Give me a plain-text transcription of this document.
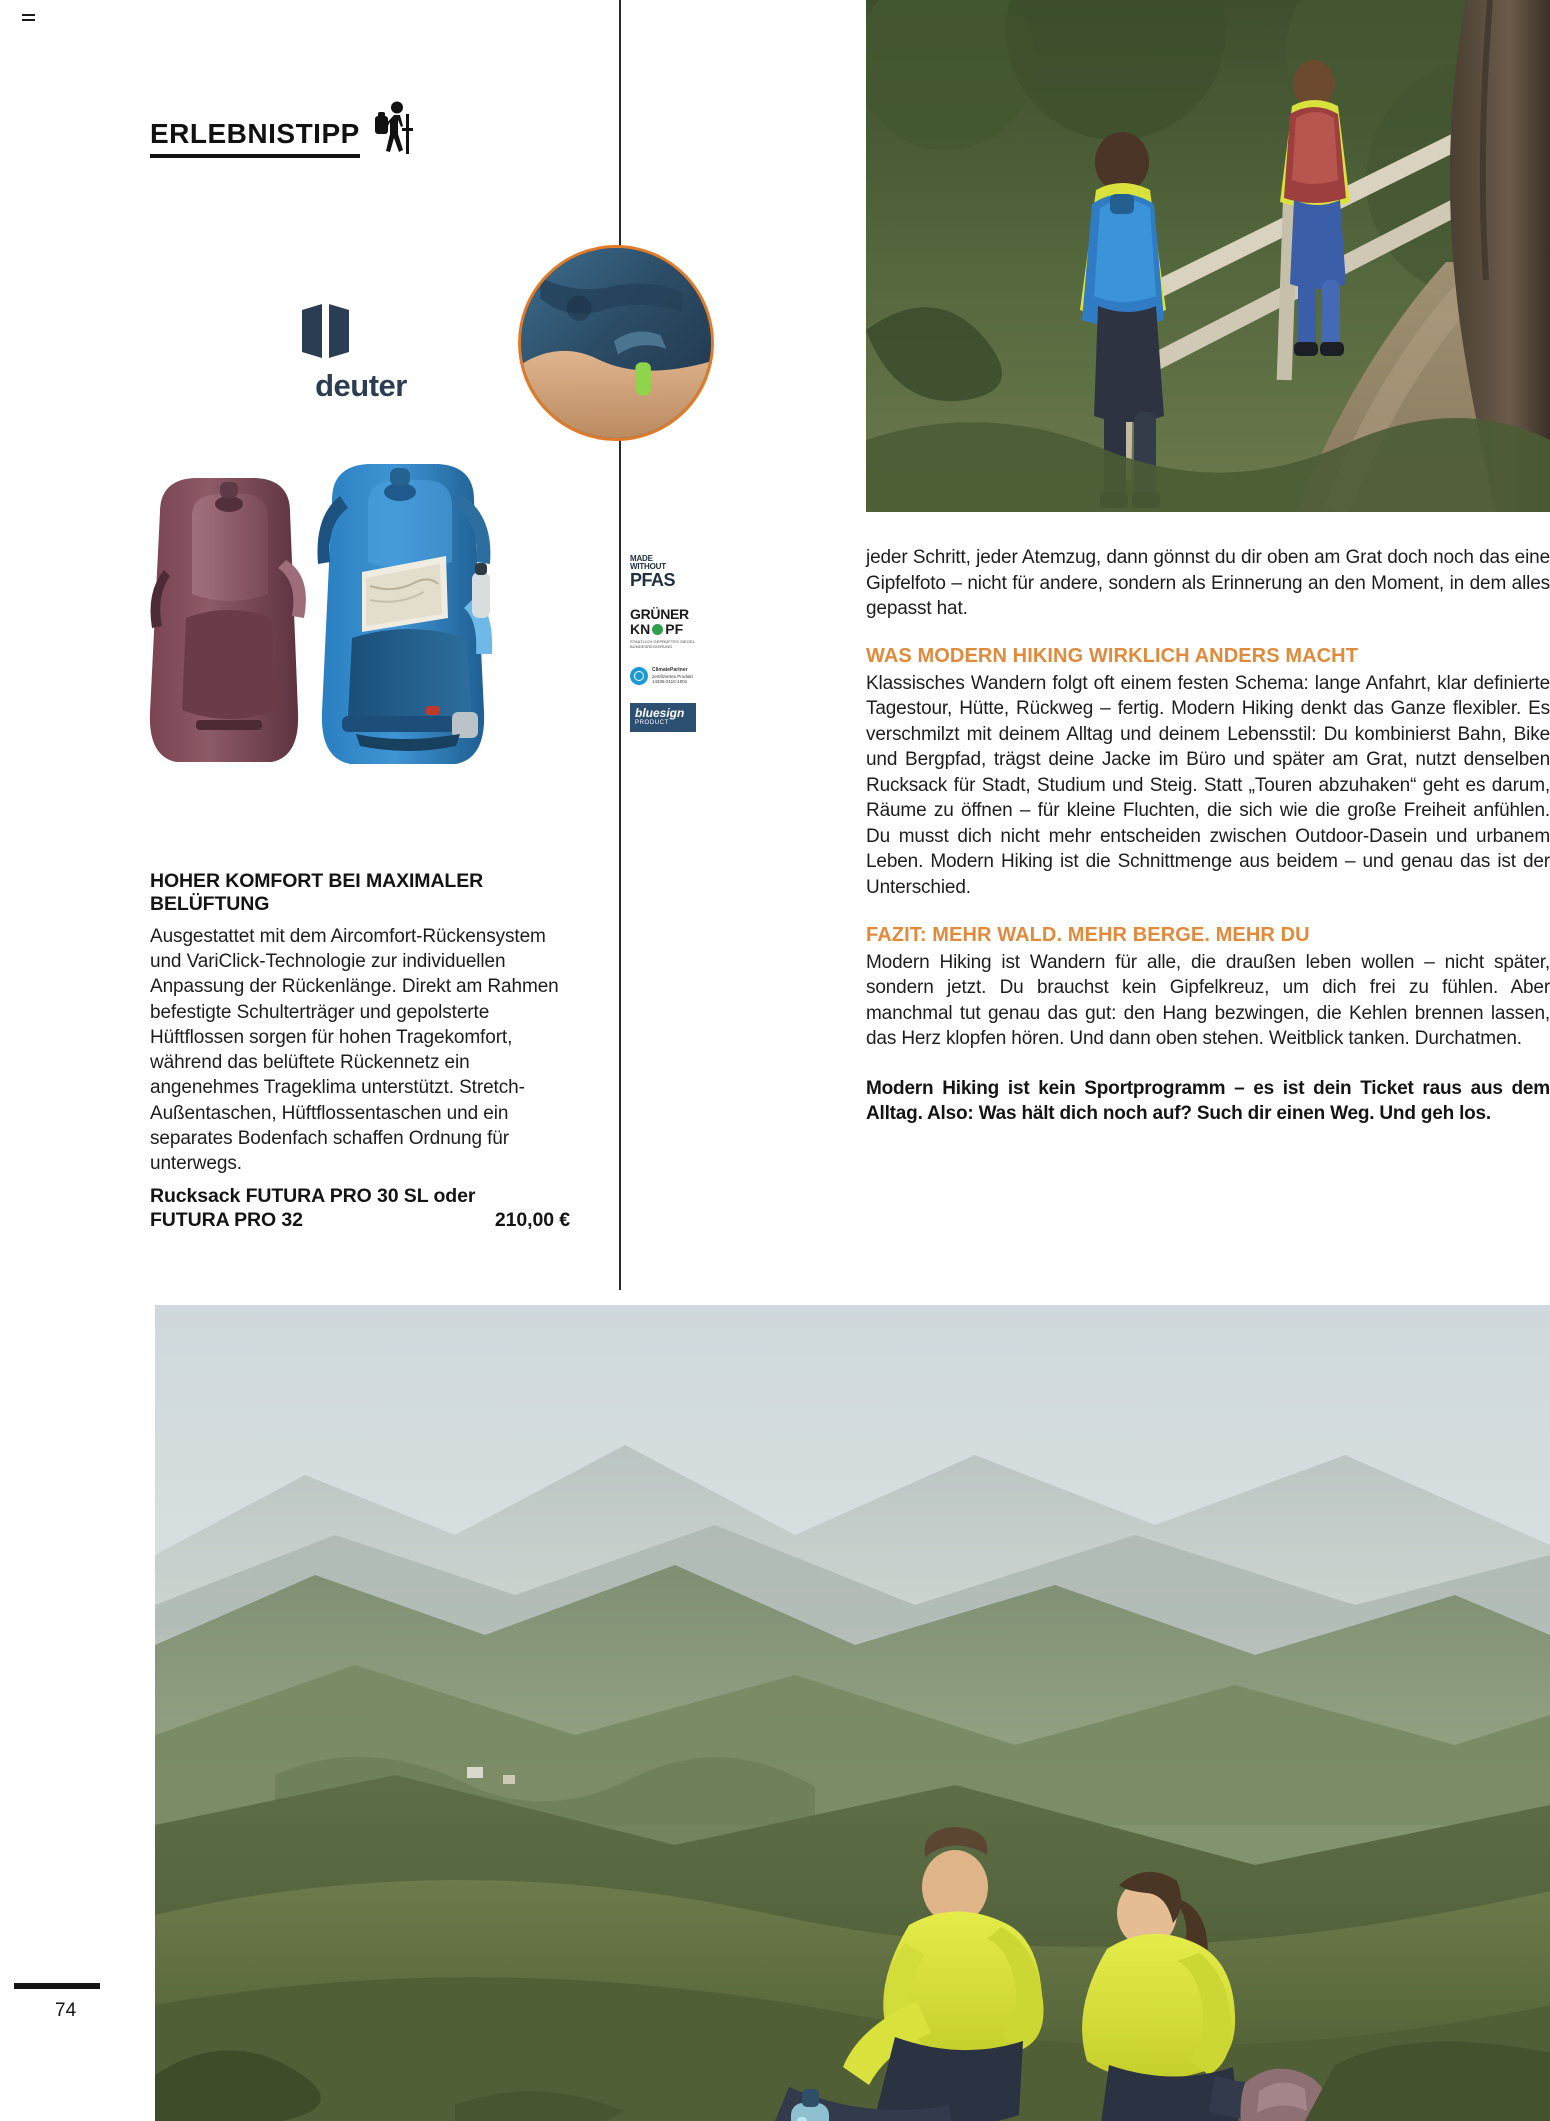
ERLEBNISTIPP
deuter
MADE
WITHOUT
PFAS
GRÜNER
KN PF
STAATLICH GEPRÜFTES SIEGEL
BUNDESREGIERUNG
ClimatePartner
zertifiziertes Produkt
14336-2110-1001
bluesign
PRODUCT
HOHER KOMFORT BEI MAXIMALER BELÜFTUNG
Ausgestattet mit dem Aircomfort-Rückensystem und VariClick-Technologie zur individuellen Anpassung der Rückenlänge. Direkt am Rahmen befestigte Schulterträger und gepolsterte Hüftflossen sorgen für hohen Tragekomfort, während das belüftete Rückennetz ein angenehmes Trageklima unterstützt. Stretch-Außentaschen, Hüftflossentaschen und ein separates Bodenfach schaffen Ordnung für unterwegs.
Rucksack FUTURA PRO 30 SL oder
FUTURA PRO 32	210,00 €
jeder Schritt, jeder Atemzug, dann gönnst du dir oben am Grat doch noch das eine Gipfelfoto – nicht für andere, sondern als Erinnerung an den Moment, in dem alles gepasst hat.
WAS MODERN HIKING WIRKLICH ANDERS MACHT
Klassisches Wandern folgt oft einem festen Schema: lange Anfahrt, klar definierte Tagestour, Hütte, Rückweg – fertig. Modern Hiking denkt das Ganze flexibler. Es verschmilzt mit deinem Alltag und deinem Lebensstil: Du kombinierst Bahn, Bike und Bergpfad, trägst deine Jacke im Büro und später am Grat, nutzt denselben Rucksack für Stadt, Studium und Steig. Statt „Touren abzuhaken“ geht es darum, Räume zu öffnen – für kleine Fluchten, die sich wie die große Freiheit anfühlen. Du musst dich nicht mehr entscheiden zwischen Outdoor-Dasein und urbanem Leben. Modern Hiking ist die Schnittmenge aus beidem – und genau das ist der Unterschied.
FAZIT: MEHR WALD. MEHR BERGE. MEHR DU
Modern Hiking ist Wandern für alle, die draußen leben wollen – nicht später, sondern jetzt. Du brauchst kein Gipfelkreuz, um dich frei zu fühlen. Aber manchmal tut genau das gut: den Hang bezwingen, die Kehlen brennen lassen, das Herz klopfen hören. Und dann oben stehen. Weitblick tanken. Durchatmen.
Modern Hiking ist kein Sportprogramm – es ist dein Ticket raus aus dem Alltag. Also: Was hält dich noch auf? Such dir einen Weg. Und geh los.
74
